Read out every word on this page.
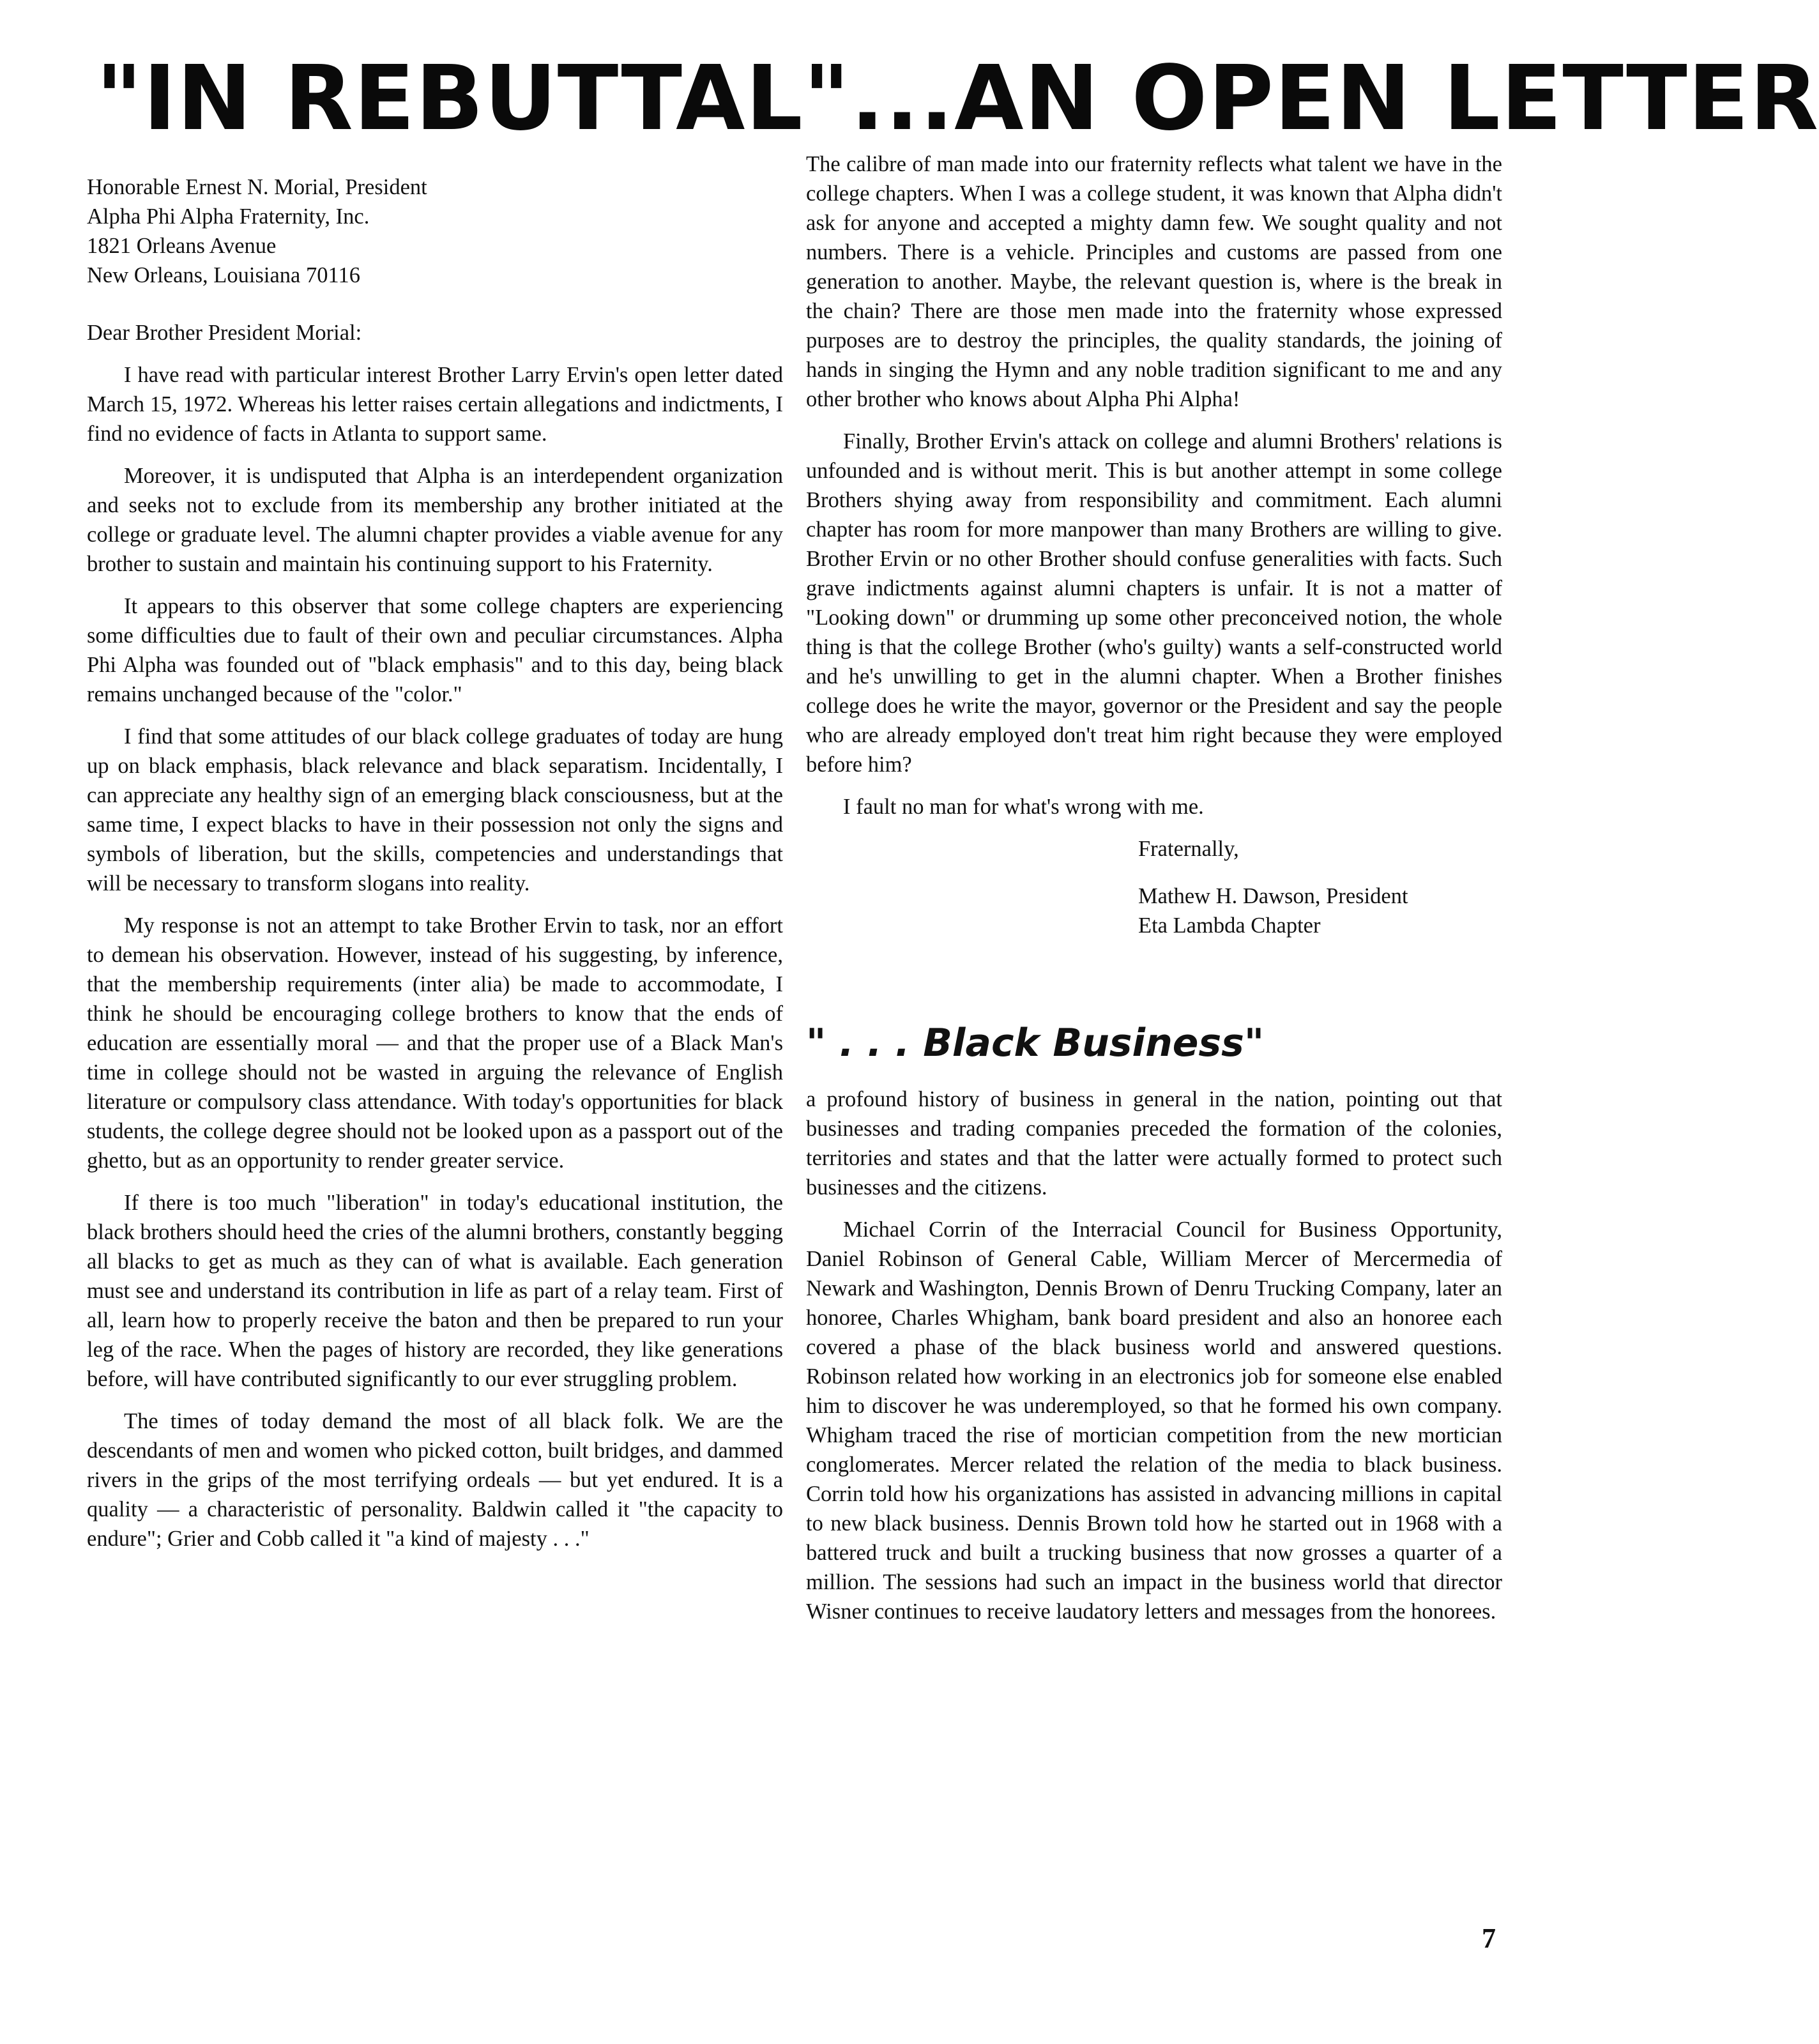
"IN REBUTTAL"...AN OPEN LETTER
Honorable Ernest N. Morial, President
Alpha Phi Alpha Fraternity, Inc.
1821 Orleans Avenue
New Orleans, Louisiana 70116

Dear Brother President Morial:

I have read with particular interest Brother Larry Ervin's open letter dated March 15, 1972. Whereas his letter raises certain allegations and indictments, I find no evidence of facts in Atlanta to support same.

Moreover, it is undisputed that Alpha is an interdependent organization and seeks not to exclude from its membership any brother initiated at the college or graduate level. The alumni chapter provides a viable avenue for any brother to sustain and maintain his continuing support to his Fraternity.

It appears to this observer that some college chapters are experiencing some difficulties due to fault of their own and peculiar circumstances. Alpha Phi Alpha was founded out of "black emphasis" and to this day, being black remains unchanged because of the "color."

I find that some attitudes of our black college graduates of today are hung up on black emphasis, black relevance and black separatism. Incidentally, I can appreciate any healthy sign of an emerging black consciousness, but at the same time, I expect blacks to have in their possession not only the signs and symbols of liberation, but the skills, competencies and understandings that will be necessary to transform slogans into reality.

My response is not an attempt to take Brother Ervin to task, nor an effort to demean his observation. However, instead of his suggesting, by inference, that the membership requirements (inter alia) be made to accommodate, I think he should be encouraging college brothers to know that the ends of education are essentially moral — and that the proper use of a Black Man's time in college should not be wasted in arguing the relevance of English literature or compulsory class attendance. With today's opportunities for black students, the college degree should not be looked upon as a passport out of the ghetto, but as an opportunity to render greater service.

If there is too much "liberation" in today's educational institution, the black brothers should heed the cries of the alumni brothers, constantly begging all blacks to get as much as they can of what is available. Each generation must see and understand its contribution in life as part of a relay team. First of all, learn how to properly receive the baton and then be prepared to run your leg of the race. When the pages of history are recorded, they like generations before, will have contributed significantly to our ever struggling problem.

The times of today demand the most of all black folk. We are the descendants of men and women who picked cotton, built bridges, and dammed rivers in the grips of the most terrifying ordeals — but yet endured. It is a quality — a characteristic of personality. Baldwin called it "the capacity to endure"; Grier and Cobb called it "a kind of majesty . . ."

The calibre of man made into our fraternity reflects what talent we have in the college chapters. When I was a college student, it was known that Alpha didn't ask for anyone and accepted a mighty damn few. We sought quality and not numbers. There is a vehicle. Principles and customs are passed from one generation to another. Maybe, the relevant question is, where is the break in the chain? There are those men made into the fraternity whose expressed purposes are to destroy the principles, the quality standards, the joining of hands in singing the Hymn and any noble tradition significant to me and any other brother who knows about Alpha Phi Alpha!

Finally, Brother Ervin's attack on college and alumni Brothers' relations is unfounded and is without merit. This is but another attempt in some college Brothers shying away from responsibility and commitment. Each alumni chapter has room for more manpower than many Brothers are willing to give. Brother Ervin or no other Brother should confuse generalities with facts. Such grave indictments against alumni chapters is unfair. It is not a matter of "Looking down" or drumming up some other preconceived notion, the whole thing is that the college Brother (who's guilty) wants a self-constructed world and he's unwilling to get in the alumni chapter. When a Brother finishes college does he write the mayor, governor or the President and say the people who are already employed don't treat him right because they were employed before him?

I fault no man for what's wrong with me.

Fraternally,
Mathew H. Dawson, President
Eta Lambda Chapter
" . . . Black Business"

a profound history of business in general in the nation, pointing out that businesses and trading companies preceded the formation of the colonies, territories and states and that the latter were actually formed to protect such businesses and the citizens.

Michael Corrin of the Interracial Council for Business Opportunity, Daniel Robinson of General Cable, William Mercer of Mercermedia of Newark and Washington, Dennis Brown of Denru Trucking Company, later an honoree, Charles Whigham, bank board president and also an honoree each covered a phase of the black business world and answered questions. Robinson related how working in an electronics job for someone else enabled him to discover he was underemployed, so that he formed his own company. Whigham traced the rise of mortician competition from the new mortician conglomerates. Mercer related the relation of the media to black business. Corrin told how his organizations has assisted in advancing millions in capital to new black business. Dennis Brown told how he started out in 1968 with a battered truck and built a trucking business that now grosses a quarter of a million. The sessions had such an impact in the business world that director Wisner continues to receive laudatory letters and messages from the honorees.

7
